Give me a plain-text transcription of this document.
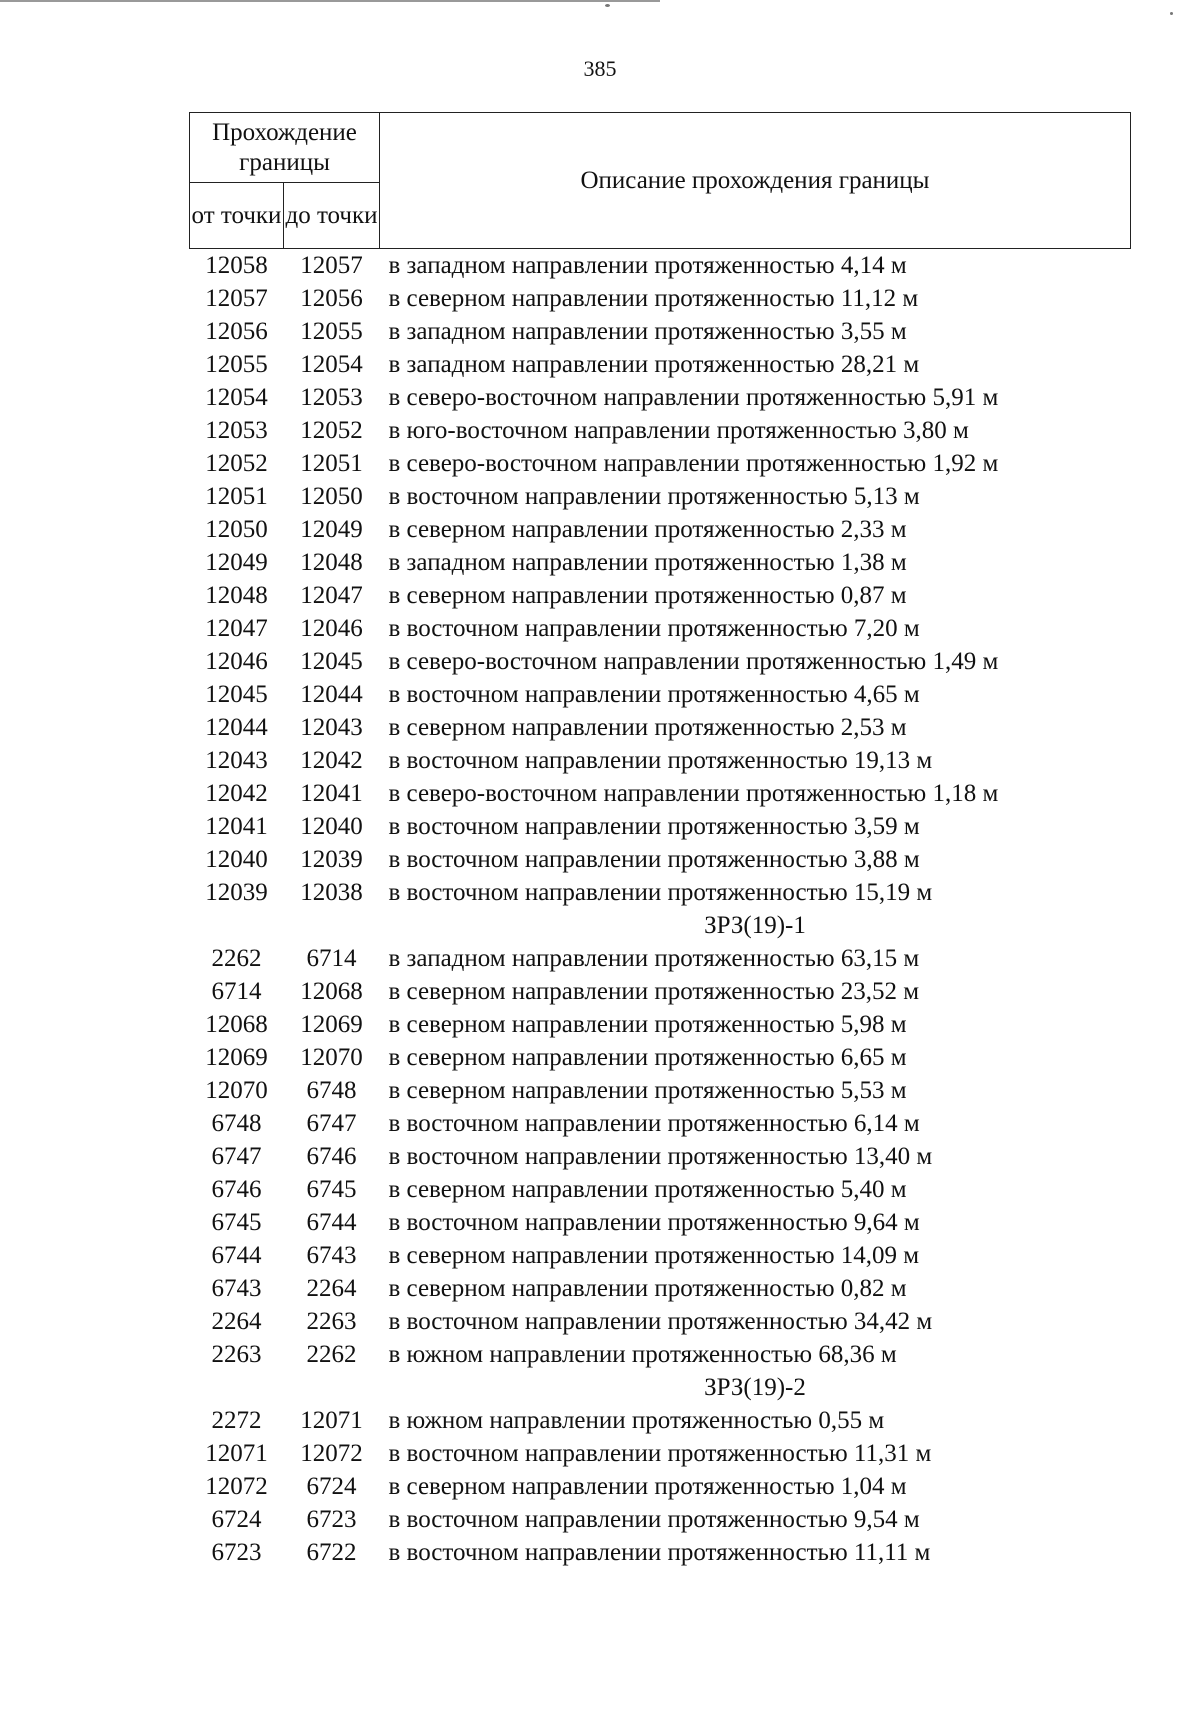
385
Прохождение границы		Описание прохождения границы
от точки	до точки	
12058	12057	в западном направлении протяженностью 4,14 м
12057	12056	в северном направлении протяженностью 11,12 м
12056	12055	в западном направлении протяженностью 3,55 м
12055	12054	в западном направлении протяженностью 28,21 м
12054	12053	в северо-восточном направлении протяженностью 5,91 м
12053	12052	в юго-восточном направлении протяженностью 3,80 м
12052	12051	в северо-восточном направлении протяженностью 1,92 м
12051	12050	в восточном направлении протяженностью 5,13 м
12050	12049	в северном направлении протяженностью 2,33 м
12049	12048	в западном направлении протяженностью 1,38 м
12048	12047	в северном направлении протяженностью 0,87 м
12047	12046	в восточном направлении протяженностью 7,20 м
12046	12045	в северо-восточном направлении протяженностью 1,49 м
12045	12044	в восточном направлении протяженностью 4,65 м
12044	12043	в северном направлении протяженностью 2,53 м
12043	12042	в восточном направлении протяженностью 19,13 м
12042	12041	в северо-восточном направлении протяженностью 1,18 м
12041	12040	в восточном направлении протяженностью 3,59 м
12040	12039	в восточном направлении протяженностью 3,88 м
12039	12038	в восточном направлении протяженностью 15,19 м
		ЗРЗ(19)-1
2262	6714	в западном направлении протяженностью 63,15 м
6714	12068	в северном направлении протяженностью 23,52 м
12068	12069	в северном направлении протяженностью 5,98 м
12069	12070	в северном направлении протяженностью 6,65 м
12070	6748	в северном направлении протяженностью 5,53 м
6748	6747	в восточном направлении протяженностью 6,14 м
6747	6746	в восточном направлении протяженностью 13,40 м
6746	6745	в северном направлении протяженностью 5,40 м
6745	6744	в восточном направлении протяженностью 9,64 м
6744	6743	в северном направлении протяженностью 14,09 м
6743	2264	в северном направлении протяженностью 0,82 м
2264	2263	в восточном направлении протяженностью 34,42 м
2263	2262	в южном направлении протяженностью 68,36 м
		ЗРЗ(19)-2
2272	12071	в южном направлении протяженностью 0,55 м
12071	12072	в восточном направлении протяженностью 11,31 м
12072	6724	в северном направлении протяженностью 1,04 м
6724	6723	в восточном направлении протяженностью 9,54 м
6723	6722	в восточном направлении протяженностью 11,11 м
